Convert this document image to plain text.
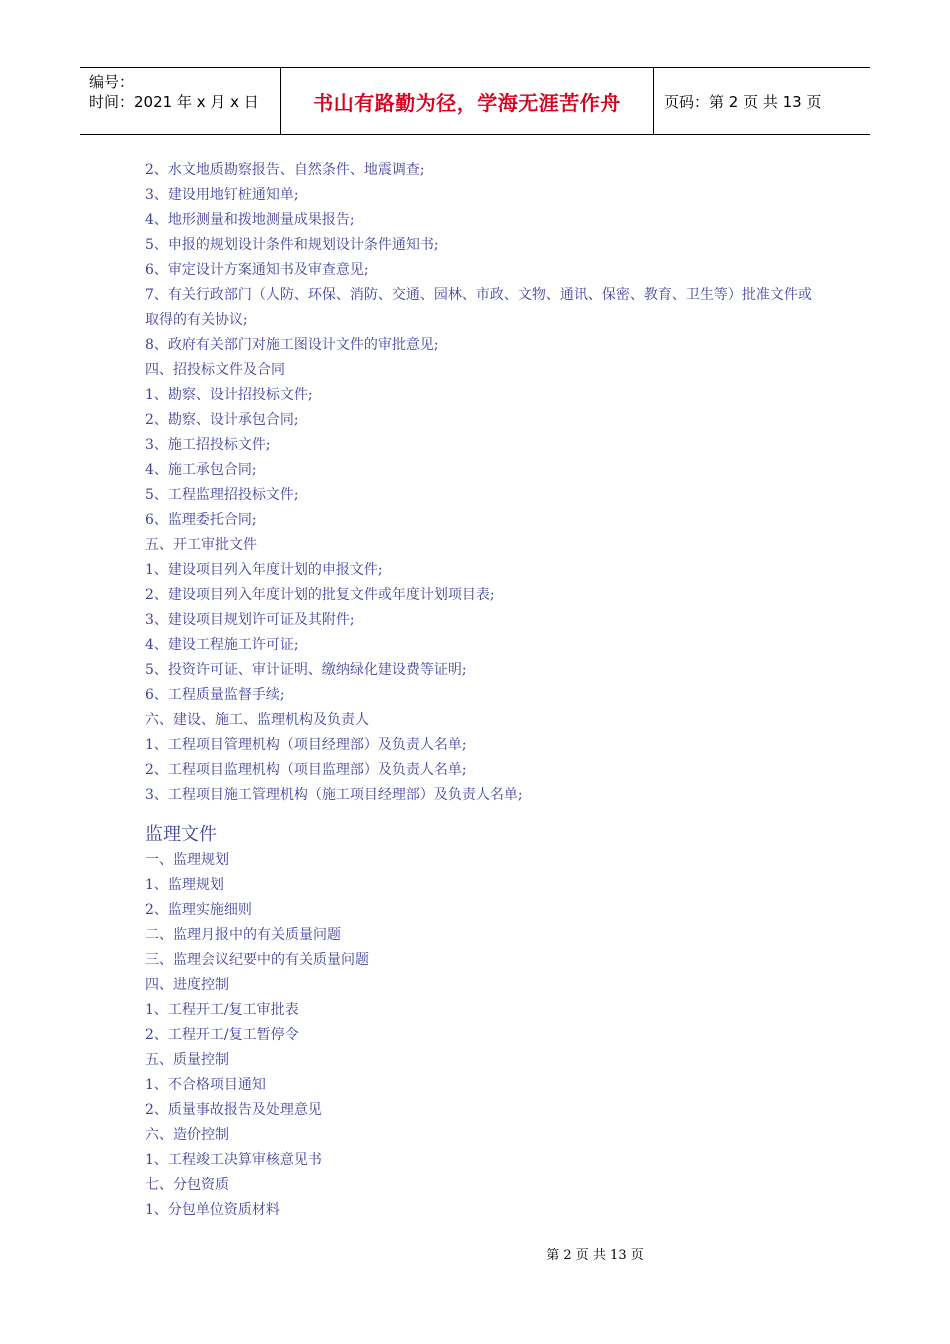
编号：
时间：2021 年 x 月 x 日	书山有路勤为径，学海无涯苦作舟	页码：第 2 页 共 13 页
2、水文地质勘察报告、自然条件、地震调查;
3、建设用地钉桩通知单;
4、地形测量和拨地测量成果报告;
5、申报的规划设计条件和规划设计条件通知书;
6、审定设计方案通知书及审查意见;
7、有关行政部门（人防、环保、消防、交通、园林、市政、文物、通讯、保密、教育、卫生等）批准文件或取得的有关协议;
8、政府有关部门对施工图设计文件的审批意见;
四、招投标文件及合同
1、勘察、设计招投标文件;
2、勘察、设计承包合同;
3、施工招投标文件;
4、施工承包合同;
5、工程监理招投标文件;
6、监理委托合同;
五、开工审批文件
1、建设项目列入年度计划的申报文件;
2、建设项目列入年度计划的批复文件或年度计划项目表;
3、建设项目规划许可证及其附件;
4、建设工程施工许可证;
5、投资许可证、审计证明、缴纳绿化建设费等证明;
6、工程质量监督手续;
六、建设、施工、监理机构及负责人
1、工程项目管理机构（项目经理部）及负责人名单;
2、工程项目监理机构（项目监理部）及负责人名单;
3、工程项目施工管理机构（施工项目经理部）及负责人名单;
监理文件
一、监理规划
1、监理规划
2、监理实施细则
二、监理月报中的有关质量问题
三、监理会议纪要中的有关质量问题
四、进度控制
1、工程开工/复工审批表
2、工程开工/复工暂停令
五、质量控制
1、不合格项目通知
2、质量事故报告及处理意见
六、造价控制
1、工程竣工决算审核意见书
七、分包资质
1、分包单位资质材料
第 2 页 共 13 页
